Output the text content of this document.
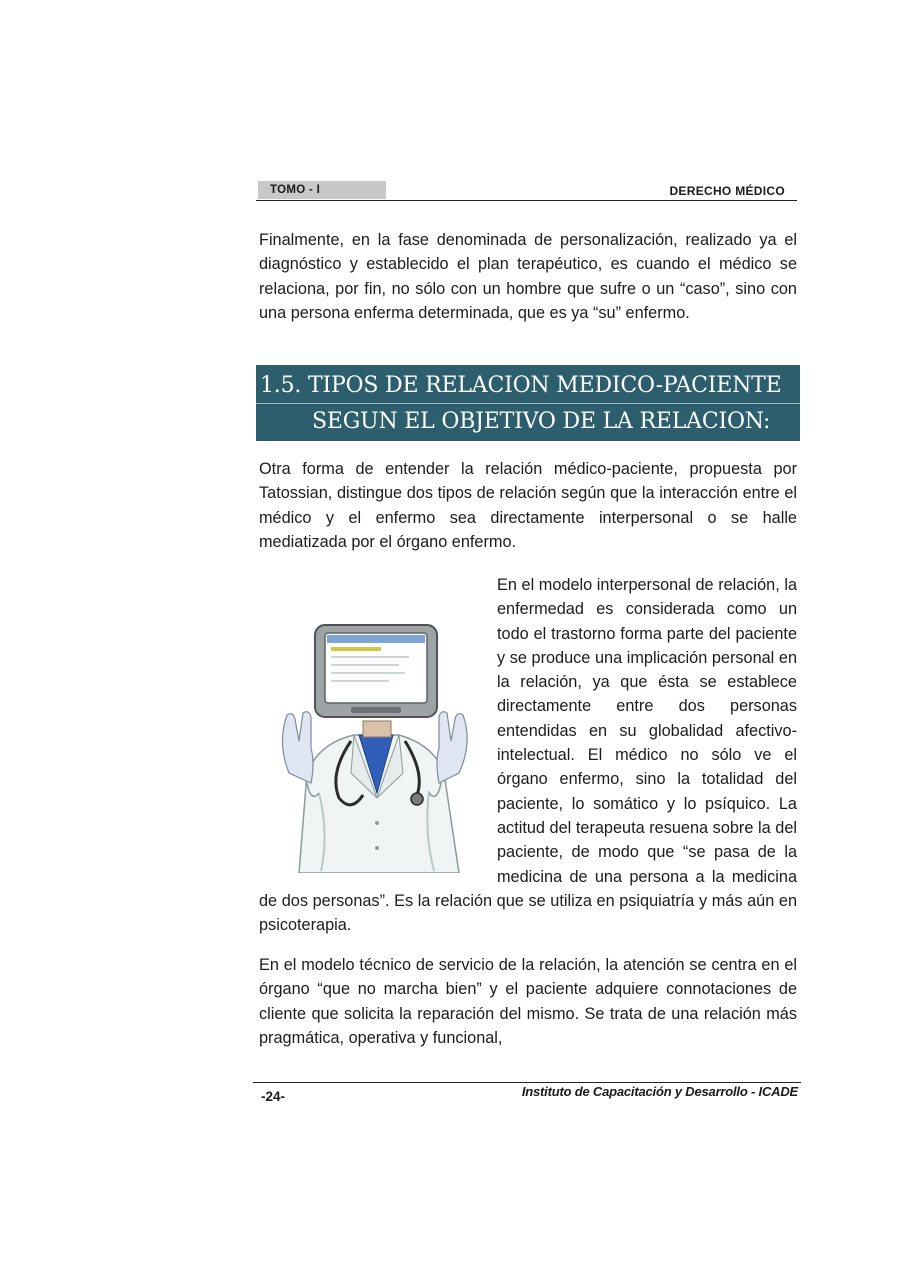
TOMO - I	DERECHO MÉDICO

Finalmente, en la fase denominada de personalización, realizado ya el diagnóstico y establecido el plan terapéutico, es cuando el médico se relaciona, por fin, no sólo con un hombre que sufre o un “caso”, sino con una persona enferma determinada, que es ya “su” enfermo.

1.5. TIPOS DE RELACION MEDICO-PACIENTE
SEGUN EL OBJETIVO DE LA RELACION:

Otra forma de entender la relación médico-paciente, propuesta por Tatossian, distingue dos tipos de relación según que la interacción entre el médico y el enfermo sea directamente interpersonal o se halle mediatizada por el órgano enfermo.

En el modelo interpersonal de relación, la enfermedad es considerada como un todo el trastorno forma parte del paciente y se produce una implicación personal en la relación, ya que ésta se establece directamente entre dos personas entendidas en su globalidad afectivo-intelectual. El médico no sólo ve el órgano enfermo, sino la totalidad del paciente, lo somático y lo psíquico. La actitud del terapeuta resuena sobre la del paciente, de modo que “se pasa de la medicina de una persona a la medicina de dos personas”. Es la relación que se utiliza en psiquiatría y más aún en psicoterapia.

En el modelo técnico de servicio de la relación, la atención se centra en el órgano “que no marcha bien” y el paciente adquiere connotaciones de cliente que solicita la reparación del mismo. Se trata de una relación más pragmática, operativa y funcional,

-24-	Instituto de Capacitación y Desarrollo - ICADE
